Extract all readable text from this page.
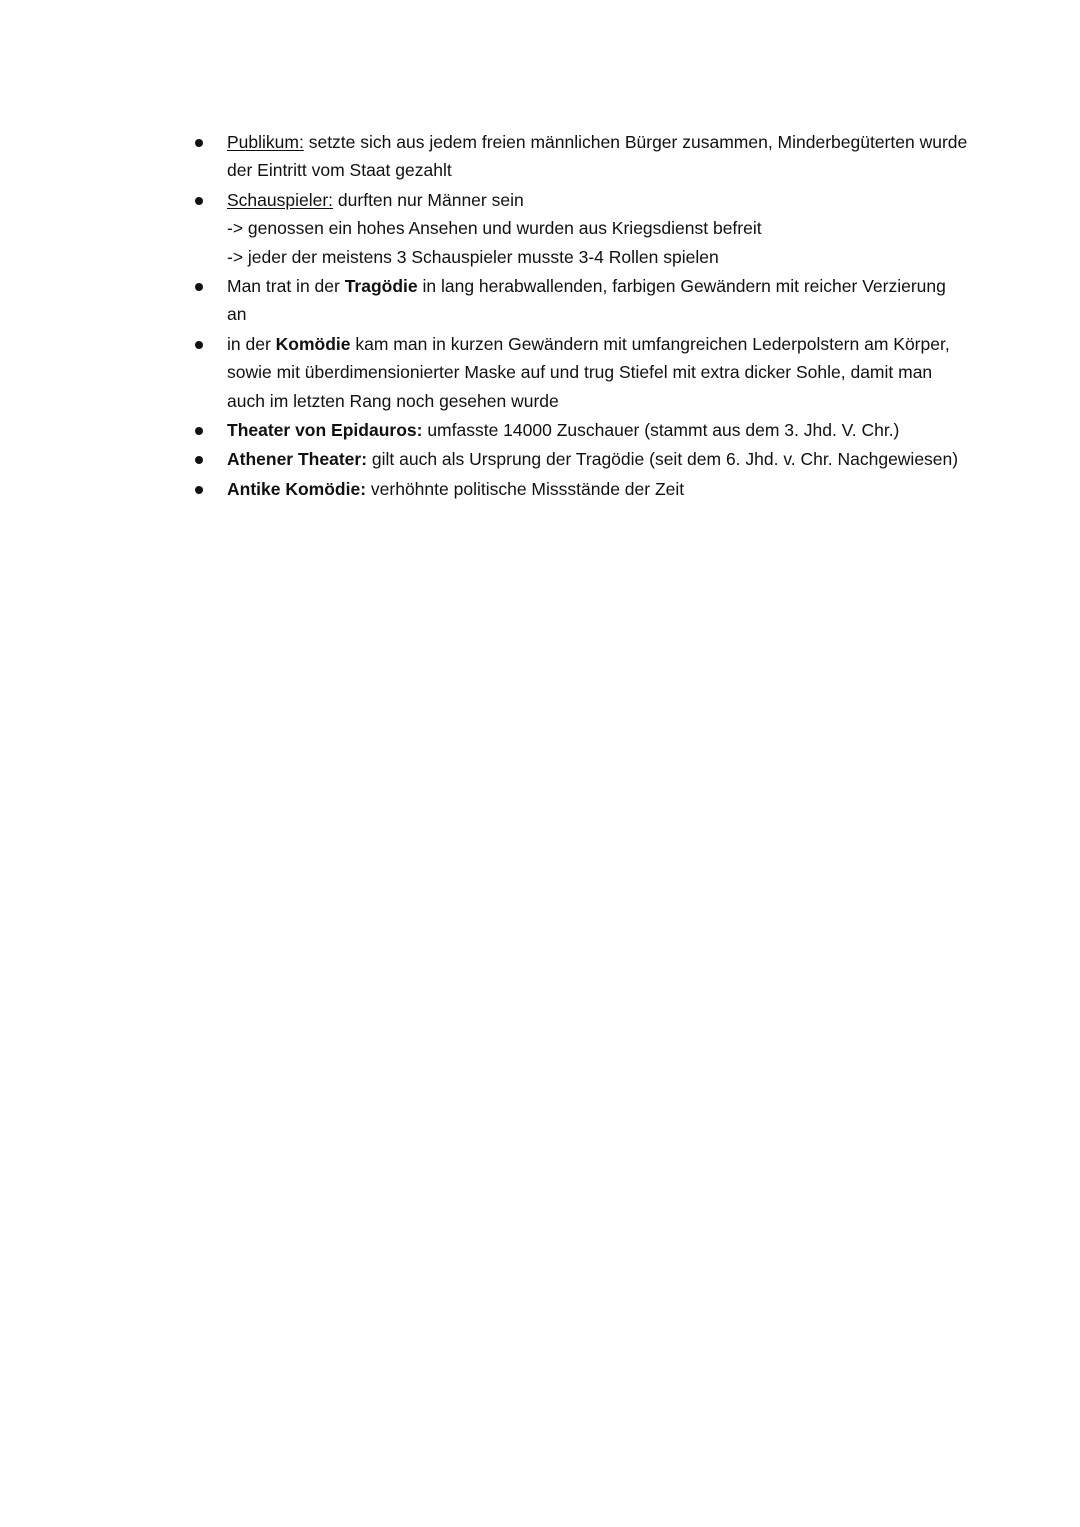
Publikum: setzte sich aus jedem freien männlichen Bürger zusammen, Minderbegüterten wurde der Eintritt vom Staat gezahlt
Schauspieler: durften nur Männer sein
-> genossen ein hohes Ansehen und wurden aus Kriegsdienst befreit
-> jeder der meistens 3 Schauspieler musste 3-4 Rollen spielen
Man trat in der Tragödie in lang herabwallenden, farbigen Gewändern mit reicher Verzierung an
in der Komödie kam man in kurzen Gewändern mit umfangreichen Lederpolstern am Körper, sowie mit überdimensionierter Maske auf und trug Stiefel mit extra dicker Sohle, damit man auch im letzten Rang noch gesehen wurde
Theater von Epidauros: umfasste 14000 Zuschauer (stammt aus dem 3. Jhd. V. Chr.)
Athener Theater: gilt auch als Ursprung der Tragödie (seit dem 6. Jhd. v. Chr. Nachgewiesen)
Antike Komödie: verhöhnte politische Missstände der Zeit
